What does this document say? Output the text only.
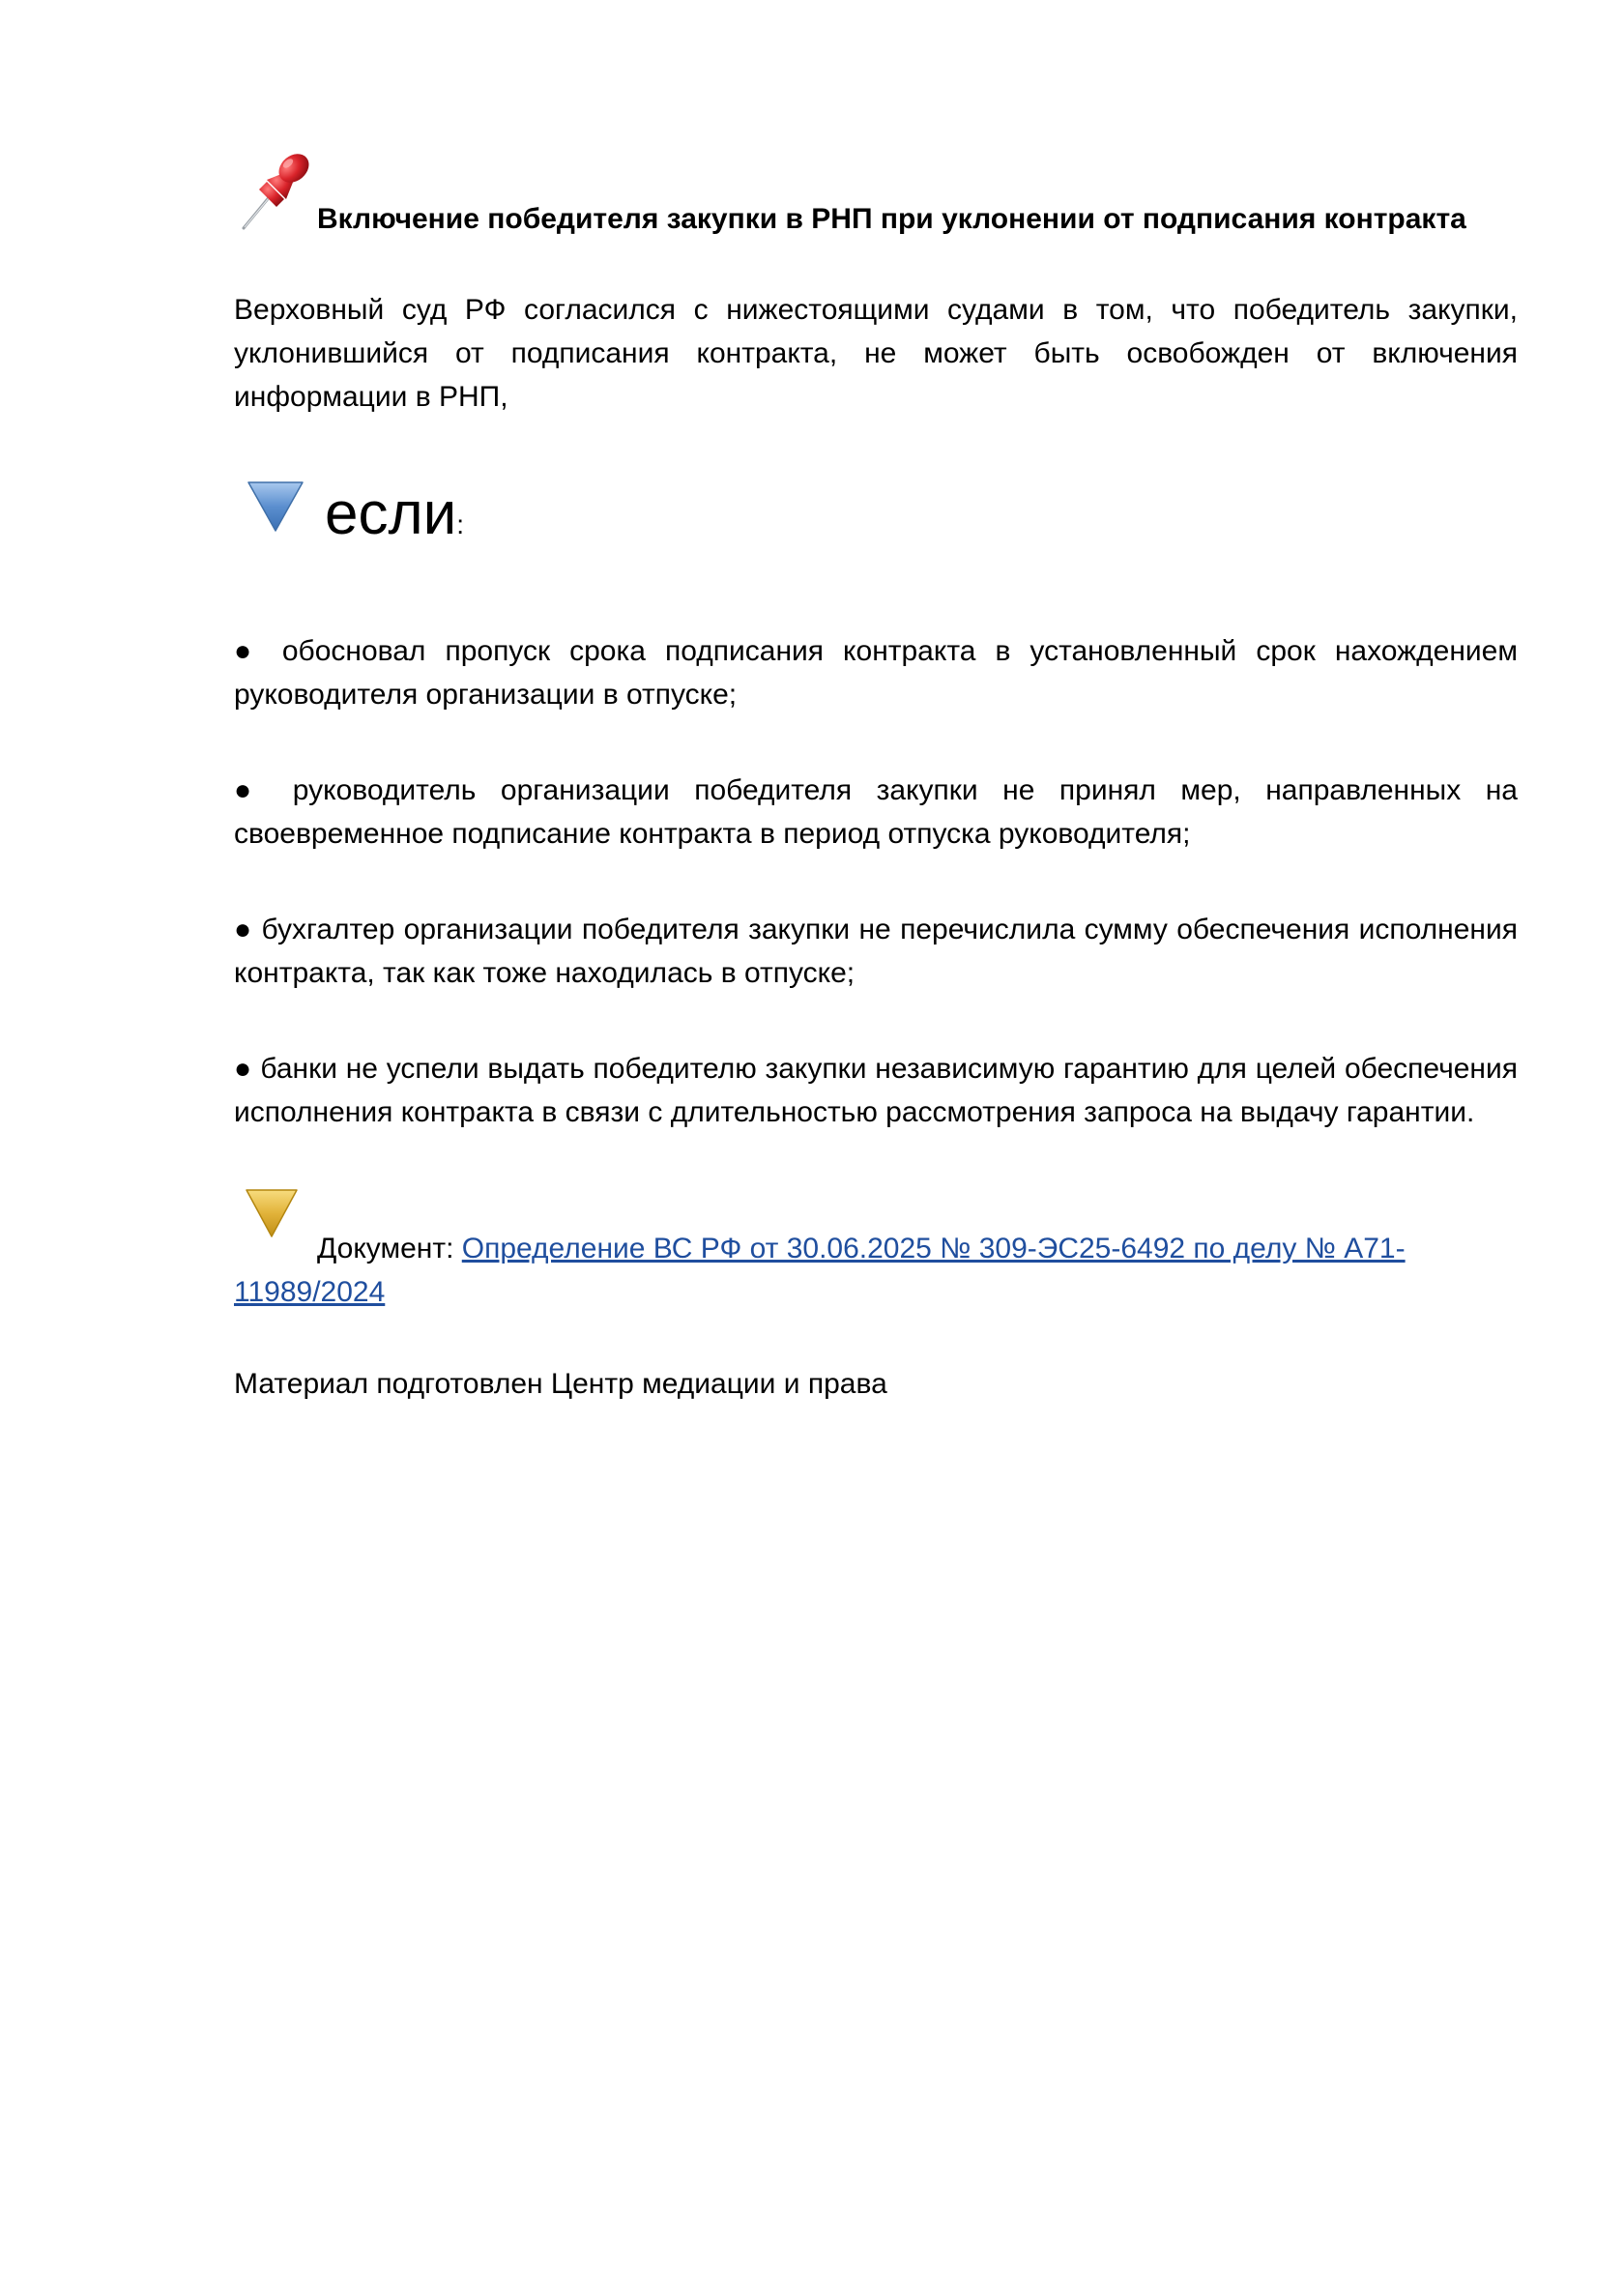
Включение победителя закупки в РНП при уклонении от подписания контракта

Верховный суд РФ согласился с нижестоящими судами в том, что победитель закупки, уклонившийся от подписания контракта, не может быть освобожден от включения информации в РНП,

если:

● обосновал пропуск срока подписания контракта в установленный срок нахождением руководителя организации в отпуске;

● руководитель организации победителя закупки не принял мер, направленных на своевременное подписание контракта в период отпуска руководителя;

● бухгалтер организации победителя закупки не перечислила сумму обеспечения исполнения контракта, так как тоже находилась в отпуске;

● банки не успели выдать победителю закупки независимую гарантию для целей обеспечения исполнения контракта в связи с длительностью рассмотрения запроса на выдачу гарантии.

Документ: Определение ВС РФ от 30.06.2025 № 309-ЭС25-6492 по делу № А71-11989/2024

Материал подготовлен Центр медиации и права
